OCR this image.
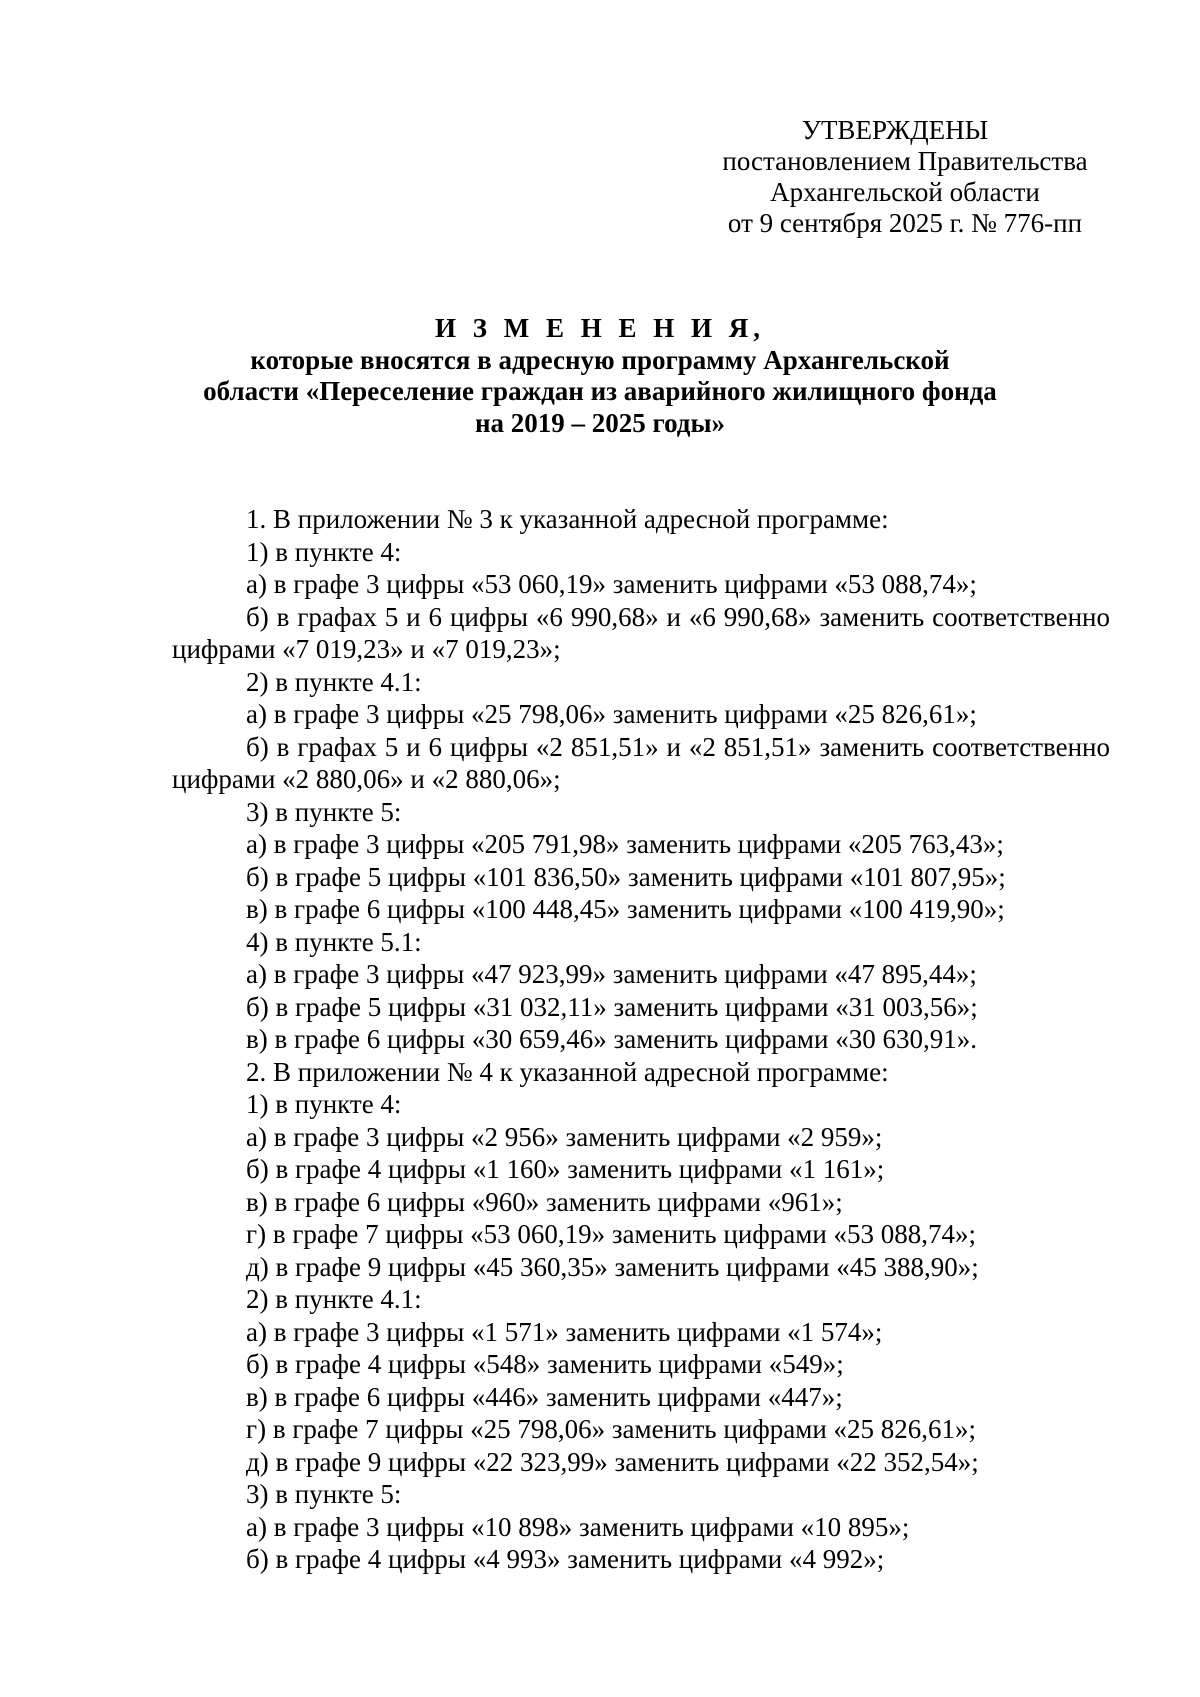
УТВЕРЖДЕНЫ
постановлением Правительства
Архангельской области
от 9 сентября 2025 г. № 776-пп
И З М Е Н Е Н И Я,
которые вносятся в адресную программу Архангельской
области «Переселение граждан из аварийного жилищного фонда
на 2019 – 2025 годы»

1. В приложении № 3 к указанной адресной программе:

1) в пункте 4:

а) в графе 3 цифры «53 060,19» заменить цифрами «53 088,74»;

б) в графах 5 и 6 цифры «6 990,68» и «6 990,68» заменить соответственно цифрами «7 019,23» и «7 019,23»;

2) в пункте 4.1:

а) в графе 3 цифры «25 798,06» заменить цифрами «25 826,61»;

б) в графах 5 и 6 цифры «2 851,51» и «2 851,51» заменить соответственно цифрами «2 880,06» и «2 880,06»;

3) в пункте 5:

а) в графе 3 цифры «205 791,98» заменить цифрами «205 763,43»;

б) в графе 5 цифры «101 836,50» заменить цифрами «101 807,95»;

в) в графе 6 цифры «100 448,45» заменить цифрами «100 419,90»;

4) в пункте 5.1:

а) в графе 3 цифры «47 923,99» заменить цифрами «47 895,44»;

б) в графе 5 цифры «31 032,11» заменить цифрами «31 003,56»;

в) в графе 6 цифры «30 659,46» заменить цифрами «30 630,91».

2. В приложении № 4 к указанной адресной программе:

1) в пункте 4:

а) в графе 3 цифры «2 956» заменить цифрами «2 959»;

б) в графе 4 цифры «1 160» заменить цифрами «1 161»;

в) в графе 6 цифры «960» заменить цифрами «961»;

г) в графе 7 цифры «53 060,19» заменить цифрами «53 088,74»;

д) в графе 9 цифры «45 360,35» заменить цифрами «45 388,90»;

2) в пункте 4.1:

а) в графе 3 цифры «1 571» заменить цифрами «1 574»;

б) в графе 4 цифры «548» заменить цифрами «549»;

в) в графе 6 цифры «446» заменить цифрами «447»;

г) в графе 7 цифры «25 798,06» заменить цифрами «25 826,61»;

д) в графе 9 цифры «22 323,99» заменить цифрами «22 352,54»;

3) в пункте 5:

а) в графе 3 цифры «10 898» заменить цифрами «10 895»;

б) в графе 4 цифры «4 993» заменить цифрами «4 992»;
